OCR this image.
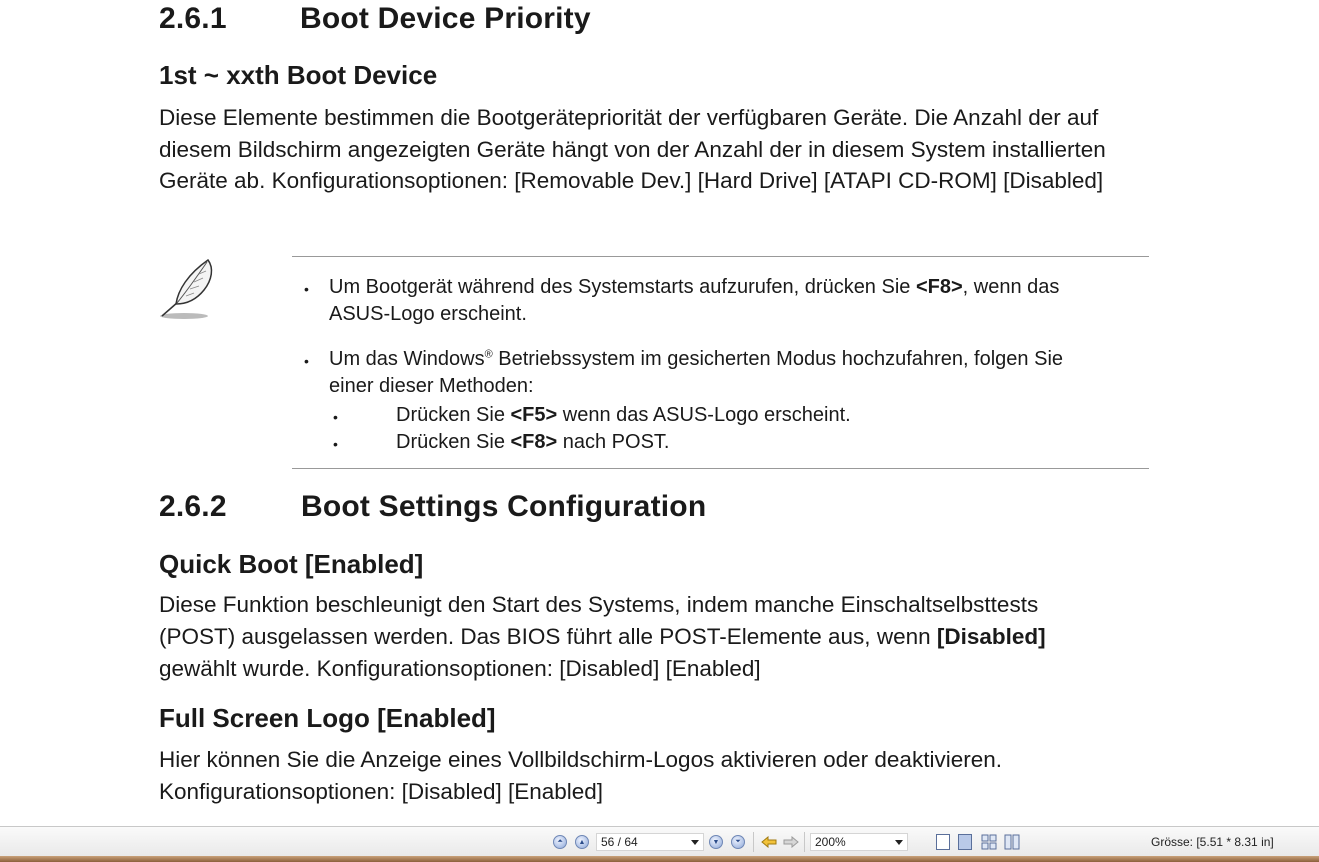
2.6.1 Boot Device Priority
1st ~ xxth Boot Device
Diese Elemente bestimmen die Bootgerätepriorität der verfügbaren Geräte. Die Anzahl der auf diesem Bildschirm angezeigten Geräte hängt von der Anzahl der in diesem System installierten Geräte ab. Konfigurationsoptionen: [Removable Dev.] [Hard Drive] [ATAPI CD-ROM] [Disabled]
• Um Bootgerät während des Systemstarts aufzurufen, drücken Sie <F8>, wenn das
ASUS-Logo erscheint.
• Um das Windows® Betriebssystem im gesicherten Modus hochzufahren, folgen Sie
einer dieser Methoden:
•	Drücken Sie <F5> wenn das ASUS-Logo erscheint.
•	Drücken Sie <F8> nach POST.
2.6.2 Boot Settings Configuration
Quick Boot [Enabled]
Diese Funktion beschleunigt den Start des Systems, indem manche Einschaltselbsttests
(POST) ausgelassen werden. Das BIOS führt alle POST-Elemente aus, wenn [Disabled]
gewählt wurde. Konfigurationsoptionen: [Disabled] [Enabled]
Full Screen Logo [Enabled]
Hier können Sie die Anzeige eines Vollbildschirm-Logos aktivieren oder deaktivieren.
Konfigurationsoptionen: [Disabled] [Enabled]
⏶	▲	56 / 64	▼	⏷	200%	Grösse: [5.51 * 8.31 in]
